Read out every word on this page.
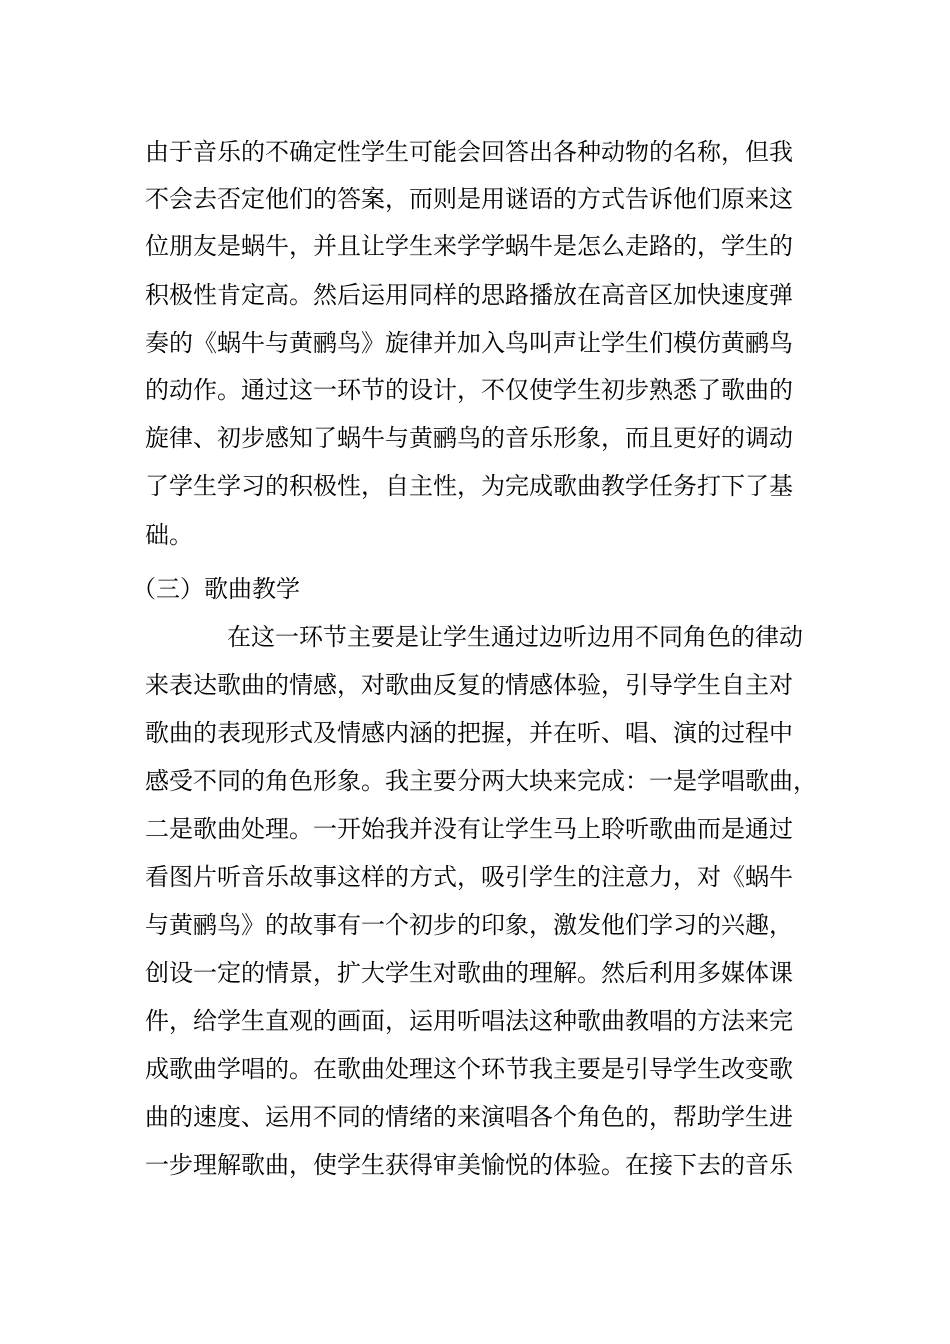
由于音乐的不确定性学生可能会回答出各种动物的名称，但我
不会去否定他们的答案，而则是用谜语的方式告诉他们原来这
位朋友是蜗牛，并且让学生来学学蜗牛是怎么走路的，学生的
积极性肯定高。然后运用同样的思路播放在高音区加快速度弹
奏的《蜗牛与黄鹂鸟》旋律并加入鸟叫声让学生们模仿黄鹂鸟
的动作。通过这一环节的设计，不仅使学生初步熟悉了歌曲的
旋律、初步感知了蜗牛与黄鹂鸟的音乐形象，而且更好的调动
了学生学习的积极性，自主性，为完成歌曲教学任务打下了基
础。
（三）歌曲教学
在这一环节主要是让学生通过边听边用不同角色的律动
来表达歌曲的情感，对歌曲反复的情感体验，引导学生自主对
歌曲的表现形式及情感内涵的把握，并在听、唱、演的过程中
感受不同的角色形象。我主要分两大块来完成：一是学唱歌曲，
二是歌曲处理。一开始我并没有让学生马上聆听歌曲而是通过
看图片听音乐故事这样的方式，吸引学生的注意力，对《蜗牛
与黄鹂鸟》的故事有一个初步的印象，激发他们学习的兴趣，
创设一定的情景，扩大学生对歌曲的理解。然后利用多媒体课
件，给学生直观的画面，运用听唱法这种歌曲教唱的方法来完
成歌曲学唱的。在歌曲处理这个环节我主要是引导学生改变歌
曲的速度、运用不同的情绪的来演唱各个角色的，帮助学生进
一步理解歌曲，使学生获得审美愉悦的体验。在接下去的音乐
